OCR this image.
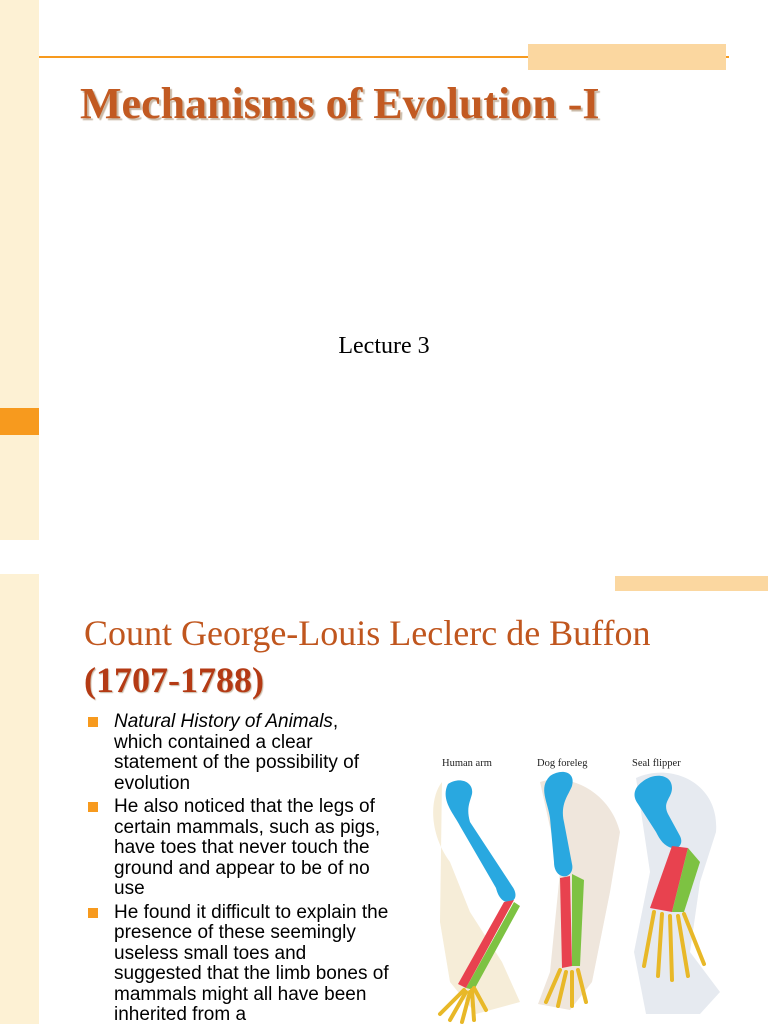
Mechanisms of Evolution -I
Lecture 3
Count George-Louis Leclerc de Buffon (1707-1788)
Natural History of Animals, which contained a clear statement of the possibility of evolution
He also noticed that the legs of certain mammals, such as pigs, have toes that never touch the ground and appear to be of no use
He found it difficult to explain the presence of these seemingly useless small toes and suggested that the limb bones of mammals might all have been inherited from a
Human arm	Dog foreleg	Seal flipper
